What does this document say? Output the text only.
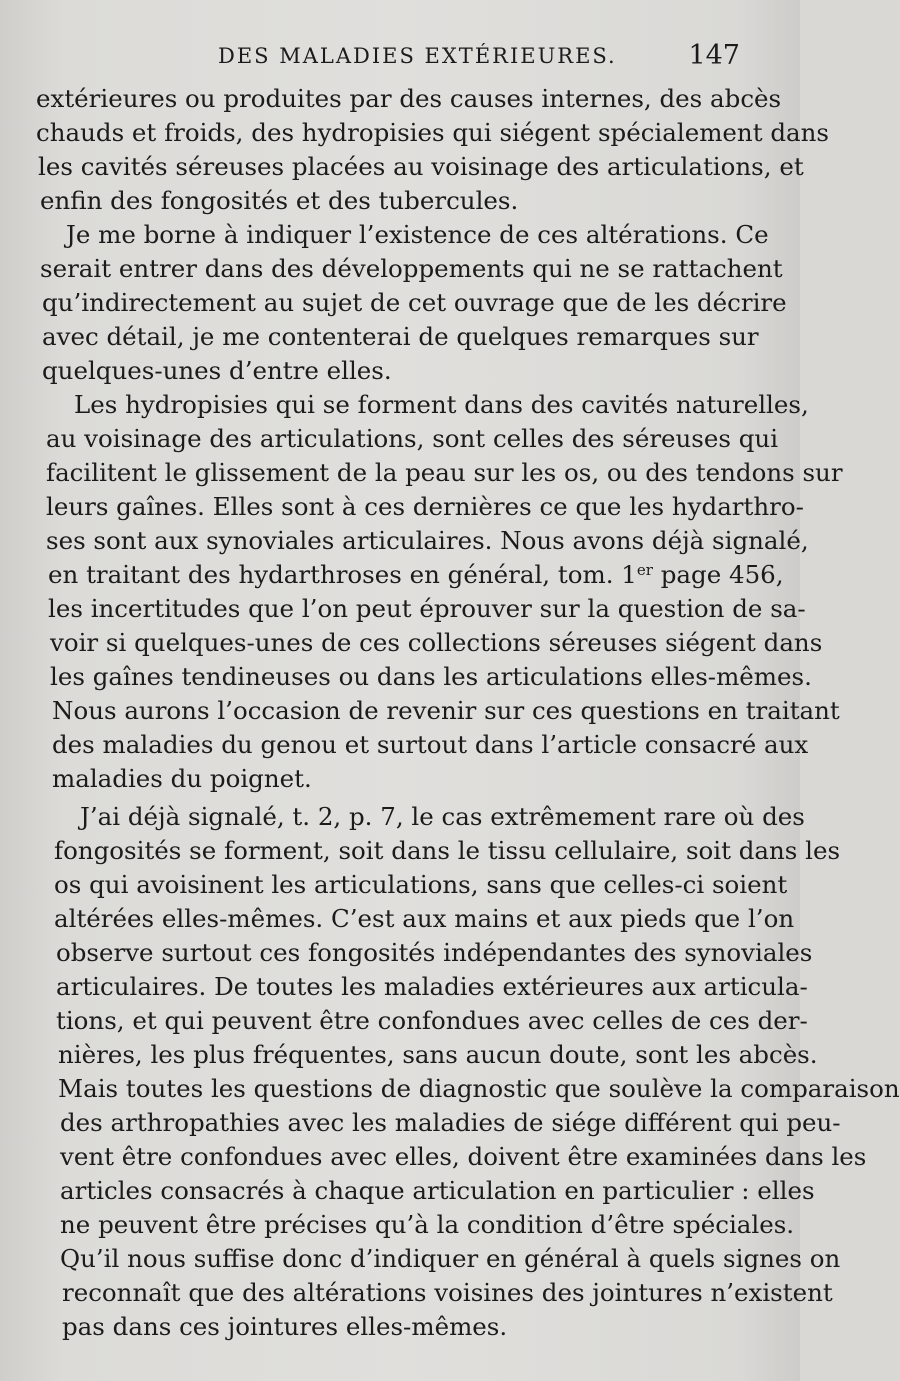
DES MALADIES EXTÉRIEURES.	147
extérieures ou produites par des causes internes, des abcès
chauds et froids, des hydropisies qui siégent spécialement dans
les cavités séreuses placées au voisinage des articulations, et
enfin des fongosités et des tubercules.
Je me borne à indiquer l’existence de ces altérations. Ce
serait entrer dans des développements qui ne se rattachent
qu’indirectement au sujet de cet ouvrage que de les décrire
avec détail, je me contenterai de quelques remarques sur
quelques-unes d’entre elles.
Les hydropisies qui se forment dans des cavités naturelles,
au voisinage des articulations, sont celles des séreuses qui
facilitent le glissement de la peau sur les os, ou des tendons sur
leurs gaînes. Elles sont à ces dernières ce que les hydarthro-
ses sont aux synoviales articulaires. Nous avons déjà signalé,
en traitant des hydarthroses en général, tom. 1er page 456,
les incertitudes que l’on peut éprouver sur la question de sa-
voir si quelques-unes de ces collections séreuses siégent dans
les gaînes tendineuses ou dans les articulations elles-mêmes.
Nous aurons l’occasion de revenir sur ces questions en traitant
des maladies du genou et surtout dans l’article consacré aux
maladies du poignet.
J’ai déjà signalé, t. 2, p. 7, le cas extrêmement rare où des
fongosités se forment, soit dans le tissu cellulaire, soit dans les
os qui avoisinent les articulations, sans que celles-ci soient
altérées elles-mêmes. C’est aux mains et aux pieds que l’on
observe surtout ces fongosités indépendantes des synoviales
articulaires. De toutes les maladies extérieures aux articula-
tions, et qui peuvent être confondues avec celles de ces der-
nières, les plus fréquentes, sans aucun doute, sont les abcès.
Mais toutes les questions de diagnostic que soulève la comparaison
des arthropathies avec les maladies de siége différent qui peu-
vent être confondues avec elles, doivent être examinées dans les
articles consacrés à chaque articulation en particulier : elles
ne peuvent être précises qu’à la condition d’être spéciales.
Qu’il nous suffise donc d’indiquer en général à quels signes on
reconnaît que des altérations voisines des jointures n’existent
pas dans ces jointures elles-mêmes.
